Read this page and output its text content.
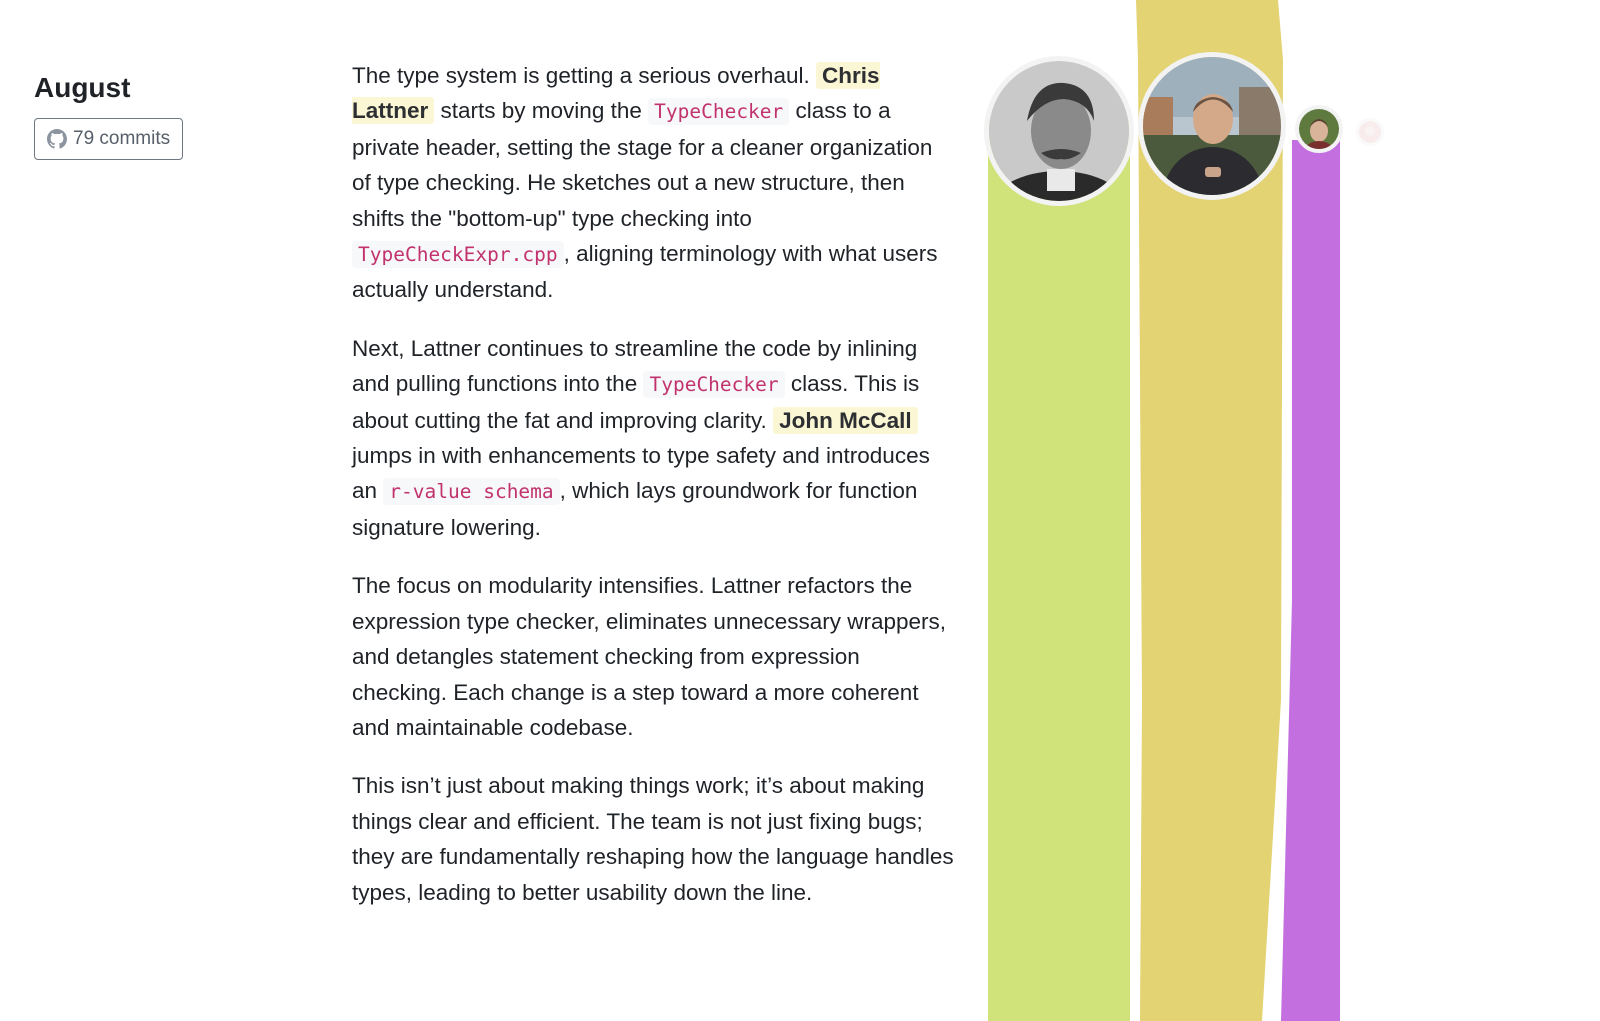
August
79 commits

The type system is getting a serious overhaul. Chris Lattner starts by moving the TypeChecker class to a private header, setting the stage for a cleaner organization of type checking. He sketches out a new structure, then shifts the "bottom-up" type checking into TypeCheckExpr.cpp , aligning terminology with what users actually understand.

Next, Lattner continues to streamline the code by inlining and pulling functions into the TypeChecker class. This is about cutting the fat and improving clarity. John McCall jumps in with enhancements to type safety and introduces an r-value schema , which lays groundwork for function signature lowering.

The focus on modularity intensifies. Lattner refactors the expression type checker, eliminates unnecessary wrappers, and detangles statement checking from expression checking. Each change is a step toward a more coherent and maintainable codebase.

This isn’t just about making things work; it’s about making things clear and efficient. The team is not just fixing bugs; they are fundamentally reshaping how the language handles types, leading to better usability down the line.
